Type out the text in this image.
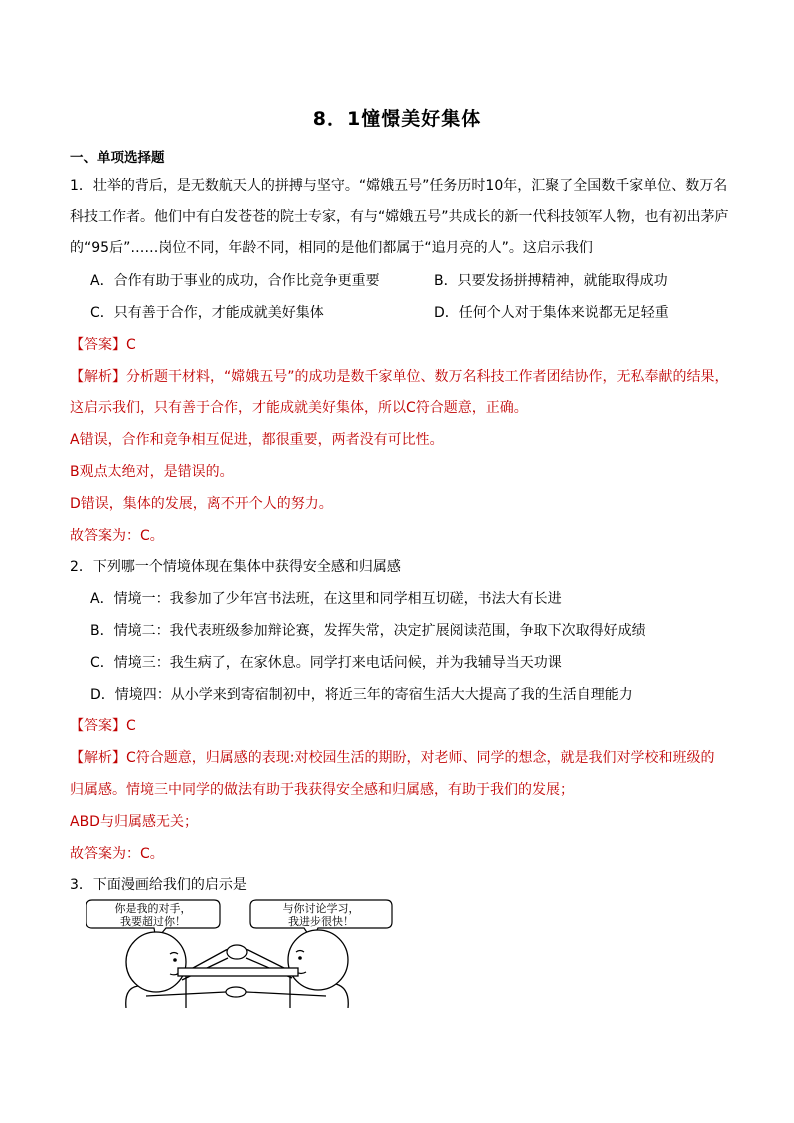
8．1憧憬美好集体
一、单项选择题
1．壮举的背后，是无数航天人的拼搏与坚守。“嫦娥五号”任务历时10年，汇聚了全国数千家单位、数万名
科技工作者。他们中有白发苍苍的院士专家，有与“嫦娥五号”共成长的新一代科技领军人物，也有初出茅庐
的“95后”……岗位不同，年龄不同，相同的是他们都属于“追月亮的人”。这启示我们
A．合作有助于事业的成功，合作比竞争更重要	B．只要发扬拼搏精神，就能取得成功
C．只有善于合作，才能成就美好集体	D．任何个人对于集体来说都无足轻重
【答案】C
【解析】分析题干材料，“嫦娥五号”的成功是数千家单位、数万名科技工作者团结协作，无私奉献的结果，
这启示我们，只有善于合作，才能成就美好集体，所以C符合题意，正确。
A错误，合作和竞争相互促进，都很重要，两者没有可比性。
B观点太绝对，是错误的。
D错误，集体的发展，离不开个人的努力。
故答案为：C。
2．下列哪一个情境体现在集体中获得安全感和归属感
A．情境一：我参加了少年宫书法班，在这里和同学相互切磋，书法大有长进
B．情境二：我代表班级参加辩论赛，发挥失常，决定扩展阅读范围，争取下次取得好成绩
C．情境三：我生病了，在家休息。同学打来电话问候，并为我辅导当天功课
D．情境四：从小学来到寄宿制初中，将近三年的寄宿生活大大提高了我的生活自理能力
【答案】C
【解析】C符合题意，归属感的表现:对校园生活的期盼，对老师、同学的想念，就是我们对学校和班级的
归属感。情境三中同学的做法有助于我获得安全感和归属感，有助于我们的发展；
ABD与归属感无关；
故答案为：C。
3．下面漫画给我们的启示是
你是我的对手，
我要超过你！
与你讨论学习，
我进步很快！
